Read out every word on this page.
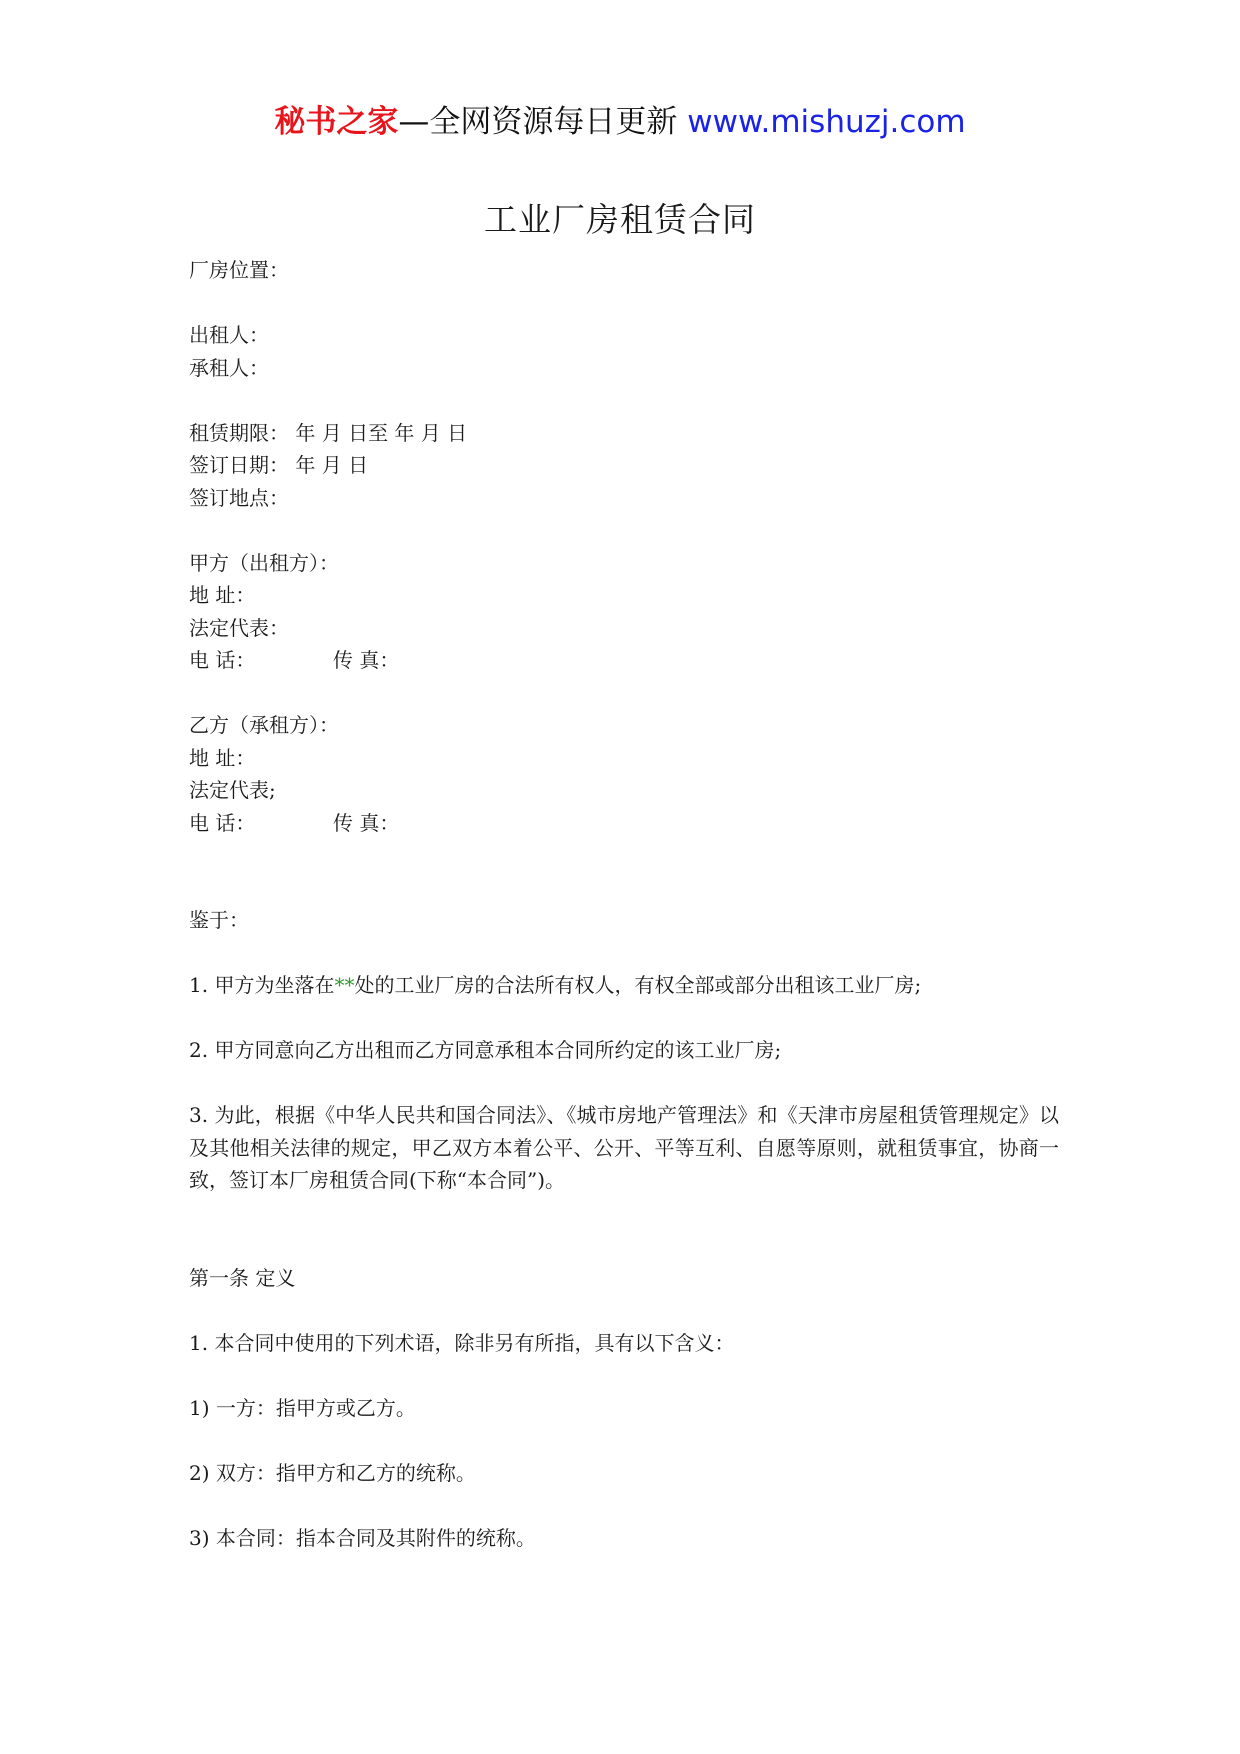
秘书之家—全网资源每日更新 www.mishuzj.com
工业厂房租赁合同

厂房位置：

出租人：

承租人：

租赁期限： 年 月 日至 年 月 日

签订日期： 年 月 日

签订地点：

甲方（出租方）：

地 址：

法定代表：

电 话：	传 真：

乙方（承租方）：

地 址：

法定代表;

电 话：	传 真：

鉴于：

1. 甲方为坐落在**处的工业厂房的合法所有权人，有权全部或部分出租该工业厂房;

2. 甲方同意向乙方出租而乙方同意承租本合同所约定的该工业厂房;

3. 为此，根据《中华人民共和国合同法》、《城市房地产管理法》和《天津市房屋租赁管理规定》以及其他相关法律的规定，甲乙双方本着公平、公开、平等互利、自愿等原则，就租赁事宜，协商一致，签订本厂房租赁合同(下称“本合同”)。

第一条 定义

1. 本合同中使用的下列术语，除非另有所指，具有以下含义：

1) 一方：指甲方或乙方。

2) 双方：指甲方和乙方的统称。

3) 本合同：指本合同及其附件的统称。
